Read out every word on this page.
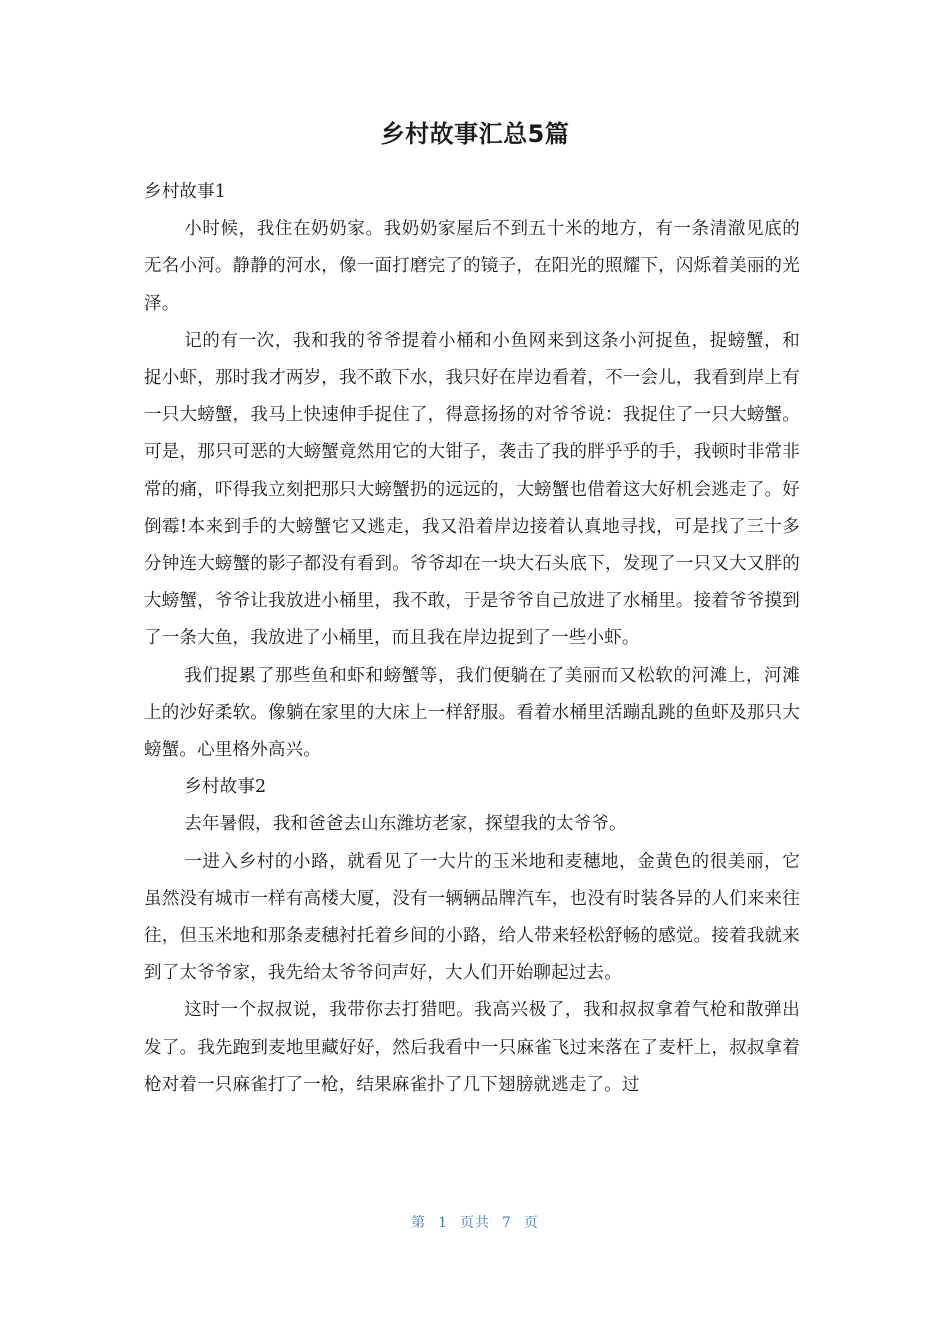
乡村故事汇总5篇

乡村故事1

小时候，我住在奶奶家。我奶奶家屋后不到五十米的地方，有一条清澈见底的无名小河。静静的河水，像一面打磨完了的镜子，在阳光的照耀下，闪烁着美丽的光泽。

记的有一次，我和我的爷爷提着小桶和小鱼网来到这条小河捉鱼，捉螃蟹，和捉小虾，那时我才两岁，我不敢下水，我只好在岸边看着，不一会儿，我看到岸上有一只大螃蟹，我马上快速伸手捉住了，得意扬扬的对爷爷说：我捉住了一只大螃蟹。可是，那只可恶的大螃蟹竟然用它的大钳子，袭击了我的胖乎乎的手，我顿时非常非常的痛，吓得我立刻把那只大螃蟹扔的远远的，大螃蟹也借着这大好机会逃走了。好倒霉!本来到手的大螃蟹它又逃走，我又沿着岸边接着认真地寻找，可是找了三十多分钟连大螃蟹的影子都没有看到。爷爷却在一块大石头底下，发现了一只又大又胖的大螃蟹，爷爷让我放进小桶里，我不敢，于是爷爷自己放进了水桶里。接着爷爷摸到了一条大鱼，我放进了小桶里，而且我在岸边捉到了一些小虾。

我们捉累了那些鱼和虾和螃蟹等，我们便躺在了美丽而又松软的河滩上，河滩上的沙好柔软。像躺在家里的大床上一样舒服。看着水桶里活蹦乱跳的鱼虾及那只大螃蟹。心里格外高兴。

乡村故事2

去年暑假，我和爸爸去山东潍坊老家，探望我的太爷爷。

一进入乡村的小路，就看见了一大片的玉米地和麦穗地，金黄色的很美丽，它虽然没有城市一样有高楼大厦，没有一辆辆品牌汽车，也没有时装各异的人们来来往往，但玉米地和那条麦穗衬托着乡间的小路，给人带来轻松舒畅的感觉。接着我就来到了太爷爷家，我先给太爷爷问声好，大人们开始聊起过去。

这时一个叔叔说，我带你去打猎吧。我高兴极了，我和叔叔拿着气枪和散弹出发了。我先跑到麦地里藏好好，然后我看中一只麻雀飞过来落在了麦杆上，叔叔拿着枪对着一只麻雀打了一枪，结果麻雀扑了几下翅膀就逃走了。过

第 1 页共 7 页
